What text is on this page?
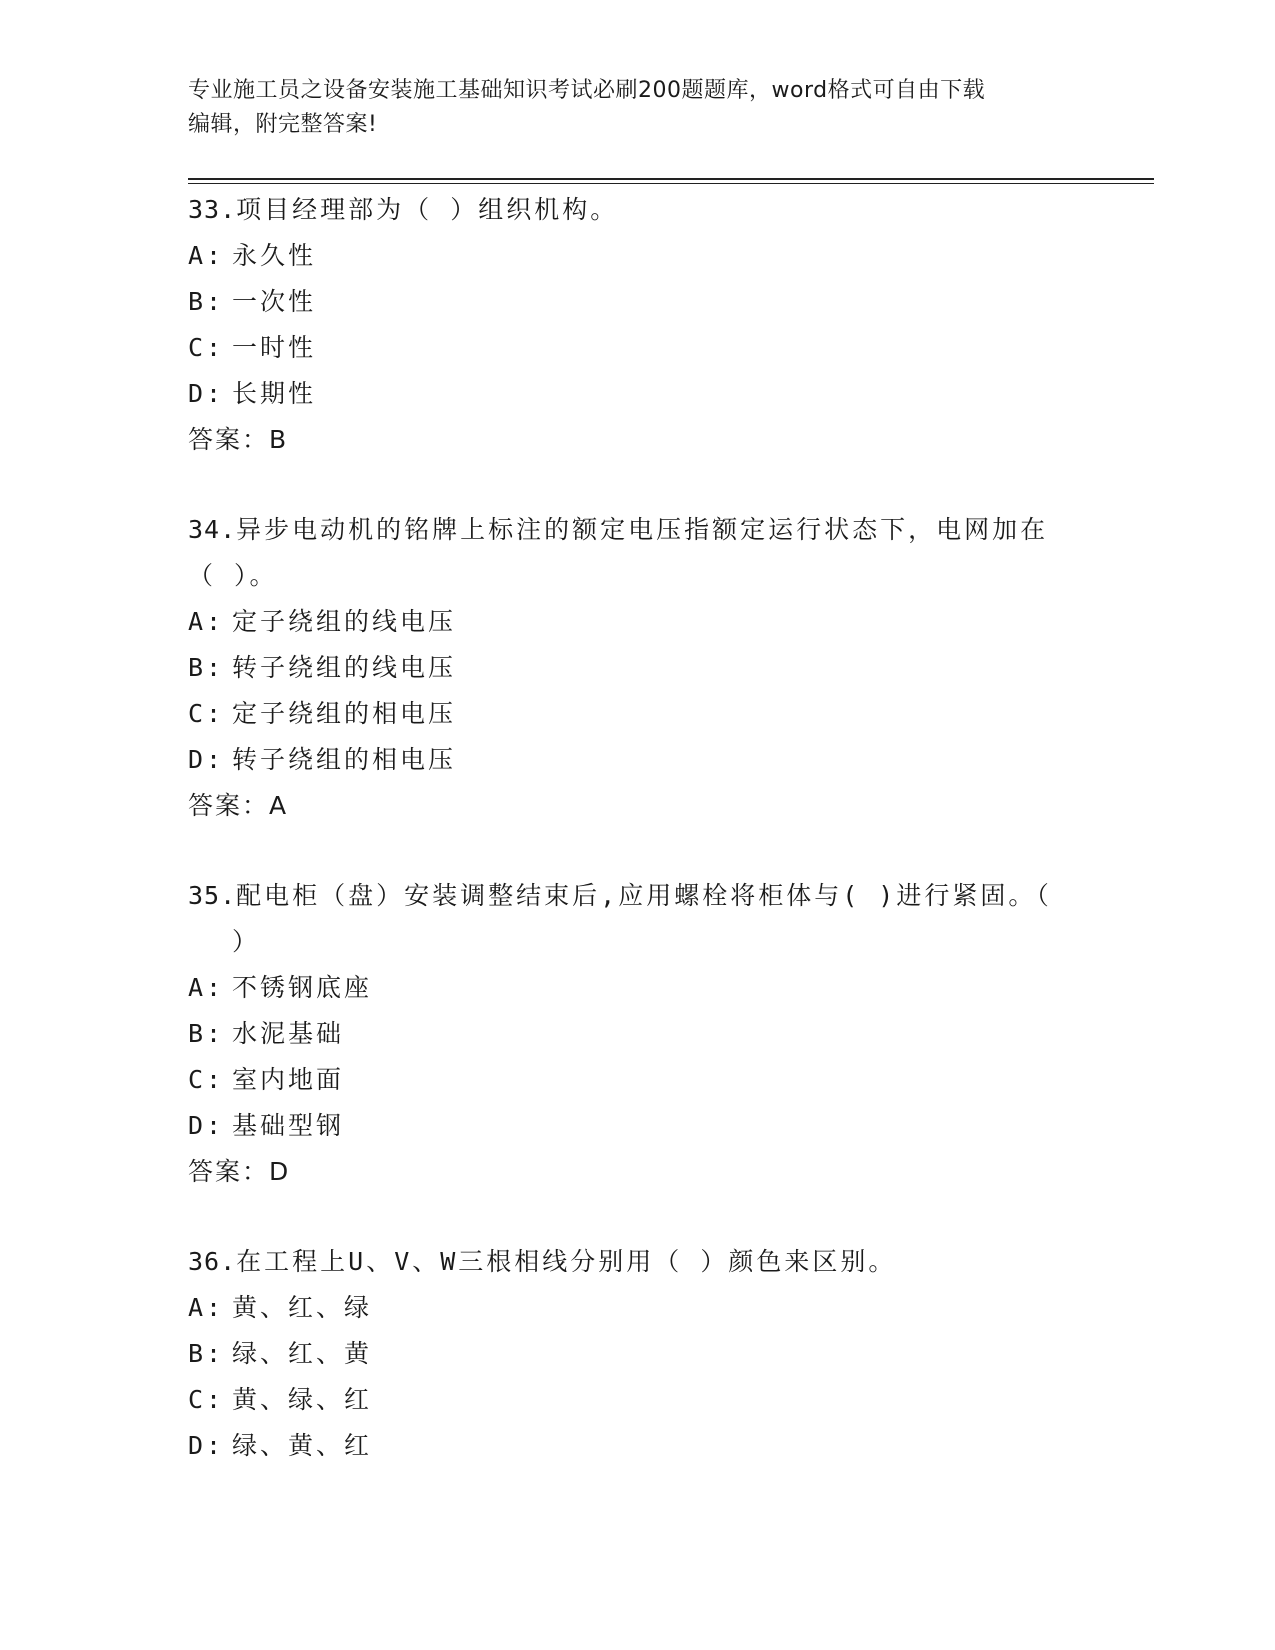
专业施工员之设备安装施工基础知识考试必刷200题题库，word格式可自由下载
编辑，附完整答案!

33.项目经理部为（ ）组织机构。

A: 永久性

B: 一次性

C: 一时性

D: 长期性

答案：B

34.异步电动机的铭牌上标注的额定电压指额定运行状态下，电网加在

（ ）。

A: 定子绕组的线电压

B: 转子绕组的线电压

C: 定子绕组的相电压

D: 转子绕组的相电压

答案：A

35.配电柜（盘）安装调整结束后,应用螺栓将柜体与( )进行紧固。（

）

A: 不锈钢底座

B: 水泥基础

C: 室内地面

D: 基础型钢

答案：D

36.在工程上U、V、W三根相线分别用（ ）颜色来区别。

A: 黄、红、绿

B: 绿、红、黄

C: 黄、绿、红

D: 绿、黄、红
